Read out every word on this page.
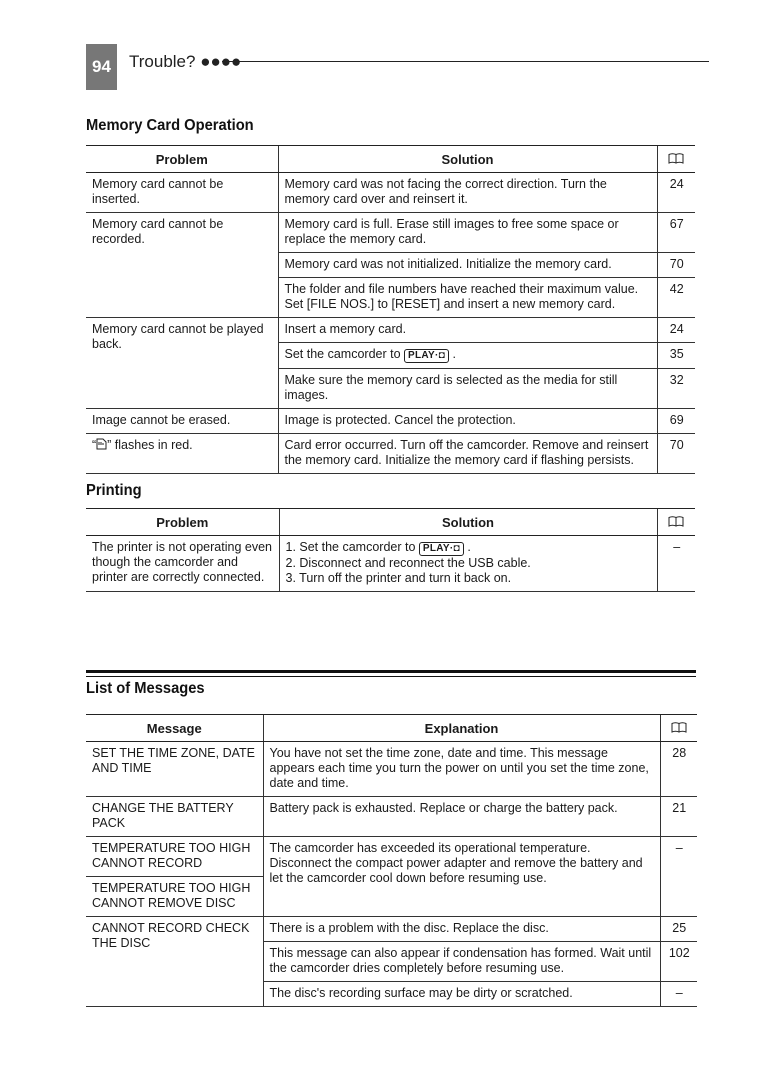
94	Trouble? ●●●●
Memory Card Operation
Problem	Solution	
Memory card cannot be inserted.	Memory card was not facing the correct direction. Turn the memory card over and reinsert it.	24
Memory card cannot be recorded.	Memory card is full. Erase still images to free some space or replace the memory card.	67
	Memory card was not initialized. Initialize the memory card.	70
	The folder and file numbers have reached their maximum value. Set [FILE NOS.] to [RESET] and insert a new memory card.	42
Memory card cannot be played back.	Insert a memory card.	24
	Set the camcorder to PLAY·◘ .	35
	Make sure the memory card is selected as the media for still images.	32
Image cannot be erased.	Image is protected. Cancel the protection.	69
“ ” flashes in red.	Card error occurred. Turn off the camcorder. Remove and reinsert the memory card. Initialize the memory card if flashing persists.	70
Printing
Problem	Solution	
The printer is not operating even though the camcorder and printer are correctly connected.	1. Set the camcorder to PLAY·◘ .
2. Disconnect and reconnect the USB cable.
3. Turn off the printer and turn it back on.	–
List of Messages
Message	Explanation	
SET THE TIME ZONE, DATE AND TIME	You have not set the time zone, date and time. This message appears each time you turn the power on until you set the time zone, date and time.	28
CHANGE THE BATTERY PACK	Battery pack is exhausted. Replace or charge the battery pack.	21
TEMPERATURE TOO HIGH CANNOT RECORD	The camcorder has exceeded its operational temperature. Disconnect the compact power adapter and remove the battery and let the camcorder cool down before resuming use.	–
TEMPERATURE TOO HIGH CANNOT REMOVE DISC		
CANNOT RECORD CHECK THE DISC	There is a problem with the disc. Replace the disc.	25
	This message can also appear if condensation has formed. Wait until the camcorder dries completely before resuming use.	102
	The disc's recording surface may be dirty or scratched.	–
